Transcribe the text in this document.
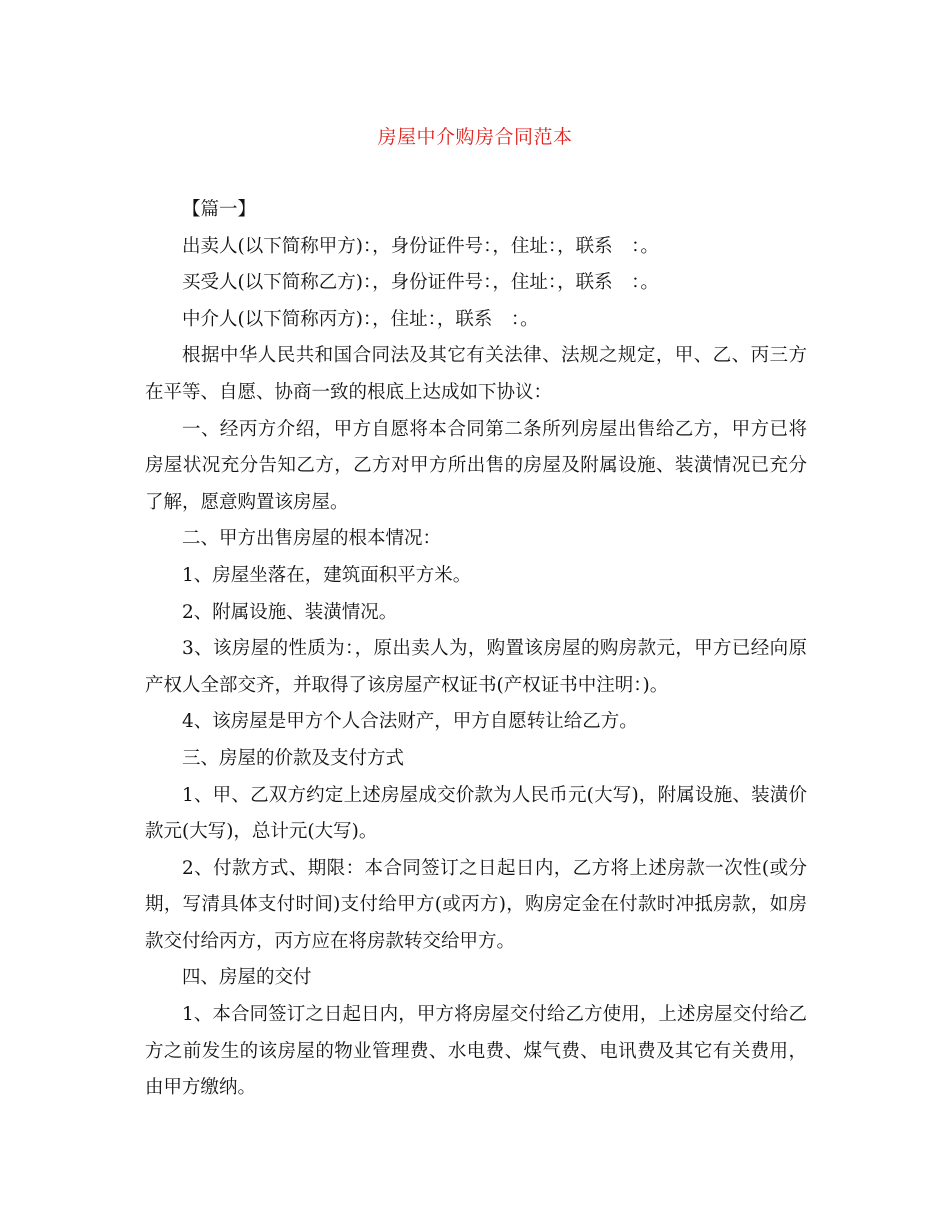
房屋中介购房合同范本

【篇一】

出卖人(以下简称甲方)：，身份证件号：，住址：，联系　：。

买受人(以下简称乙方)：，身份证件号：，住址：，联系　：。

中介人(以下简称丙方)：，住址：，联系　：。

根据中华人民共和国合同法及其它有关法律、法规之规定，甲、乙、丙三方在平等、自愿、协商一致的根底上达成如下协议：

一、经丙方介绍，甲方自愿将本合同第二条所列房屋出售给乙方，甲方已将房屋状况充分告知乙方，乙方对甲方所出售的房屋及附属设施、装潢情况已充分了解，愿意购置该房屋。

二、甲方出售房屋的根本情况：

1、房屋坐落在，建筑面积平方米。

2、附属设施、装潢情况。

3、该房屋的性质为：，原出卖人为，购置该房屋的购房款元，甲方已经向原产权人全部交齐，并取得了该房屋产权证书(产权证书中注明：)。

4、该房屋是甲方个人合法财产，甲方自愿转让给乙方。

三、房屋的价款及支付方式

1、甲、乙双方约定上述房屋成交价款为人民币元(大写)，附属设施、装潢价款元(大写)，总计元(大写)。

2、付款方式、期限：本合同签订之日起日内，乙方将上述房款一次性(或分期，写清具体支付时间)支付给甲方(或丙方)，购房定金在付款时冲抵房款，如房款交付给丙方，丙方应在将房款转交给甲方。

四、房屋的交付

1、本合同签订之日起日内，甲方将房屋交付给乙方使用，上述房屋交付给乙方之前发生的该房屋的物业管理费、水电费、煤气费、电讯费及其它有关费用，由甲方缴纳。
